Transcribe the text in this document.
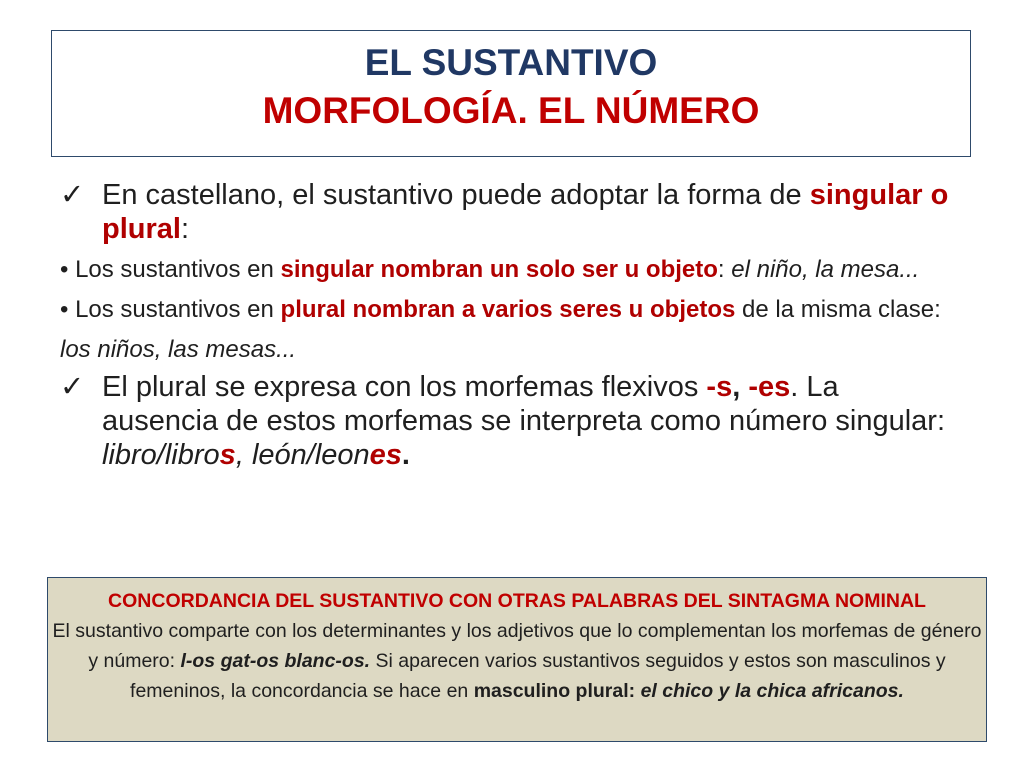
EL SUSTANTIVO
MORFOLOGÍA. EL NÚMERO
✓ En castellano, el sustantivo puede adoptar la forma de singular o plural:
• Los sustantivos en singular nombran un solo ser u objeto: el niño, la mesa...
• Los sustantivos en plural nombran a varios seres u objetos de la misma clase: los niños, las mesas...
✓ El plural se expresa con los morfemas flexivos -s, -es. La ausencia de estos morfemas se interpreta como número singular: libro/libros, león/leones.
CONCORDANCIA DEL SUSTANTIVO CON OTRAS PALABRAS DEL SINTAGMA NOMINAL
El sustantivo comparte con los determinantes y los adjetivos que lo complementan los morfemas de género y número: l-os gat-os blanc-os. Si aparecen varios sustantivos seguidos y estos son masculinos y femeninos, la concordancia se hace en masculino plural: el chico y la chica africanos.
